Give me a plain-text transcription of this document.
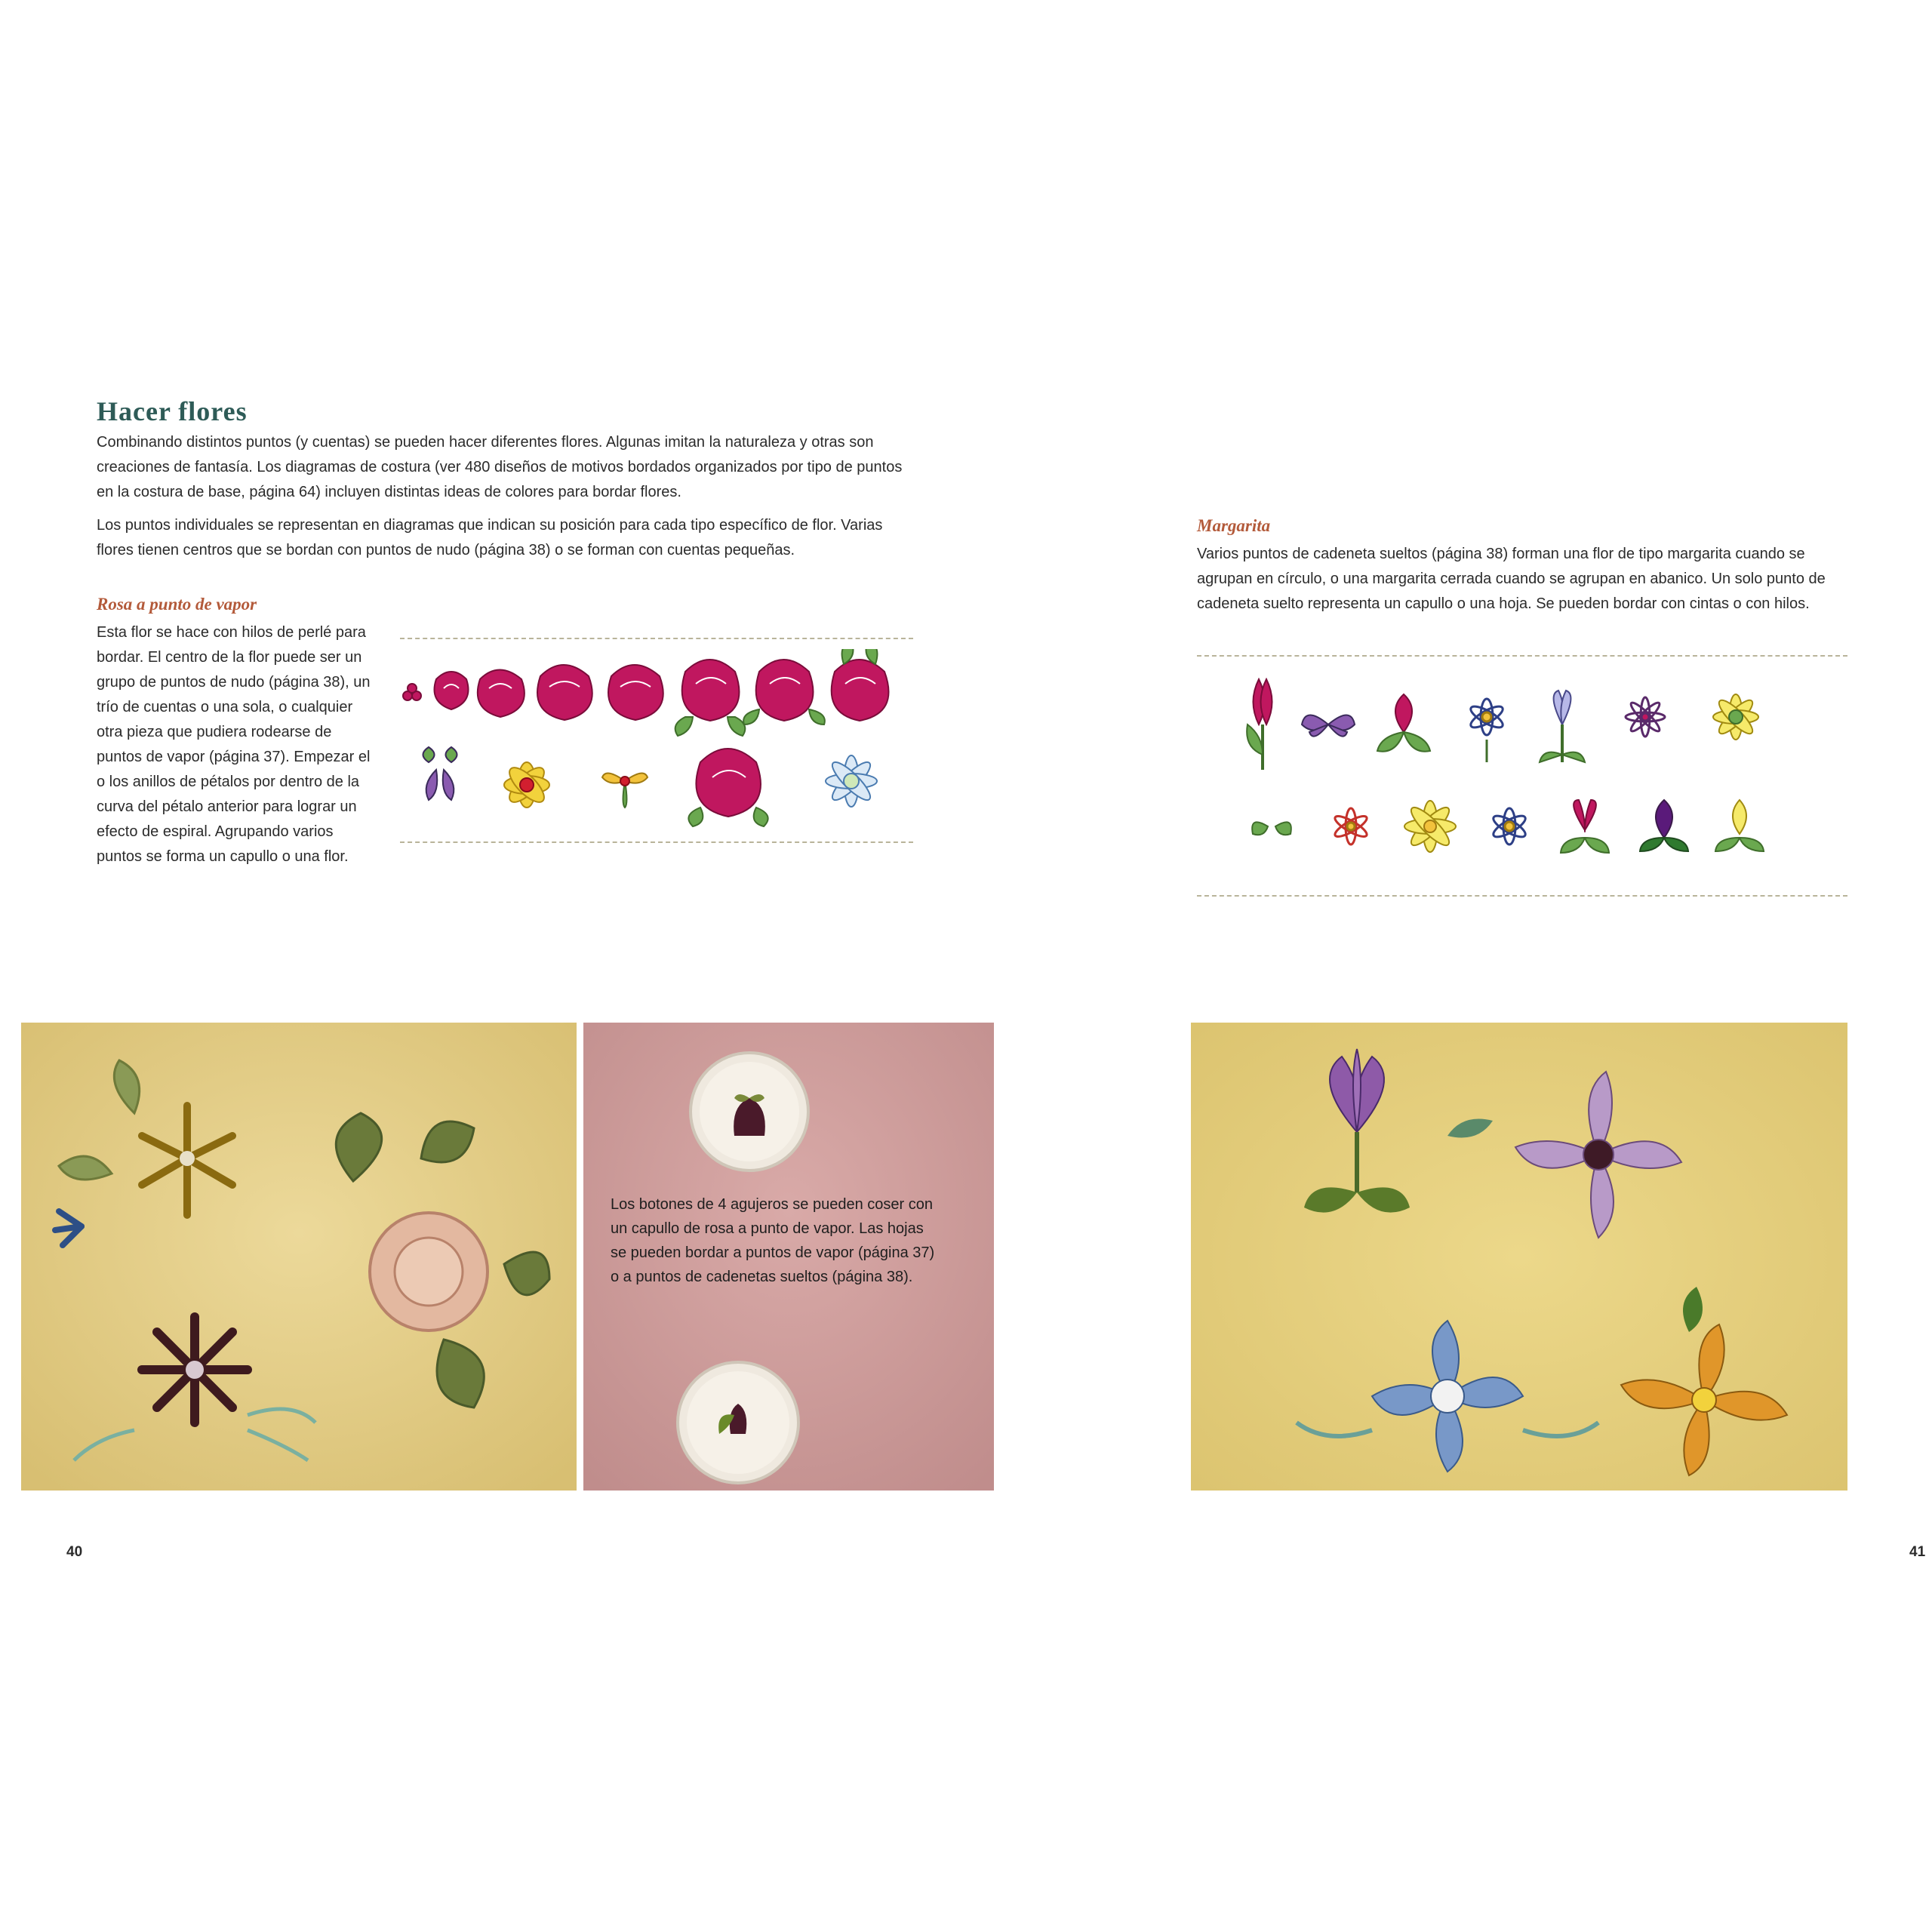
Hacer flores

Combinando distintos puntos (y cuentas) se pueden hacer diferentes flores. Algunas imitan la naturaleza y otras son creaciones de fantasía. Los diagramas de costura (ver 480 diseños de motivos bordados organizados por tipo de puntos en la costura de base, página 64) incluyen distintas ideas de colores para bordar flores.

Los puntos individuales se representan en diagramas que indican su posición para cada tipo específico de flor. Varias flores tienen centros que se bordan con puntos de nudo (página 38) o se forman con cuentas pequeñas.

Rosa a punto de vapor

Esta flor se hace con hilos de perlé para bordar. El centro de la flor puede ser un grupo de puntos de nudo (página 38), un trío de cuentas o una sola, o cualquier otra pieza que pudiera rodearse de puntos de vapor (página 37). Empezar el o los anillos de pétalos por dentro de la curva del pétalo anterior para lograr un efecto de espiral. Agrupando varios puntos se forma un capullo o una flor.

Margarita

Varios puntos de cadeneta sueltos (página 38) forman una flor de tipo margarita cuando se agrupan en círculo, o una margarita cerrada cuando se agrupan en abanico. Un solo punto de cadeneta suelto representa un capullo o una hoja. Se pueden bordar con cintas o con hilos.

Los botones de 4 agujeros se pueden coser con un capullo de rosa a punto de vapor. Las hojas se pueden bordar a puntos de vapor (página 37) o a puntos de cadenetas sueltos (página 38).

40	41
